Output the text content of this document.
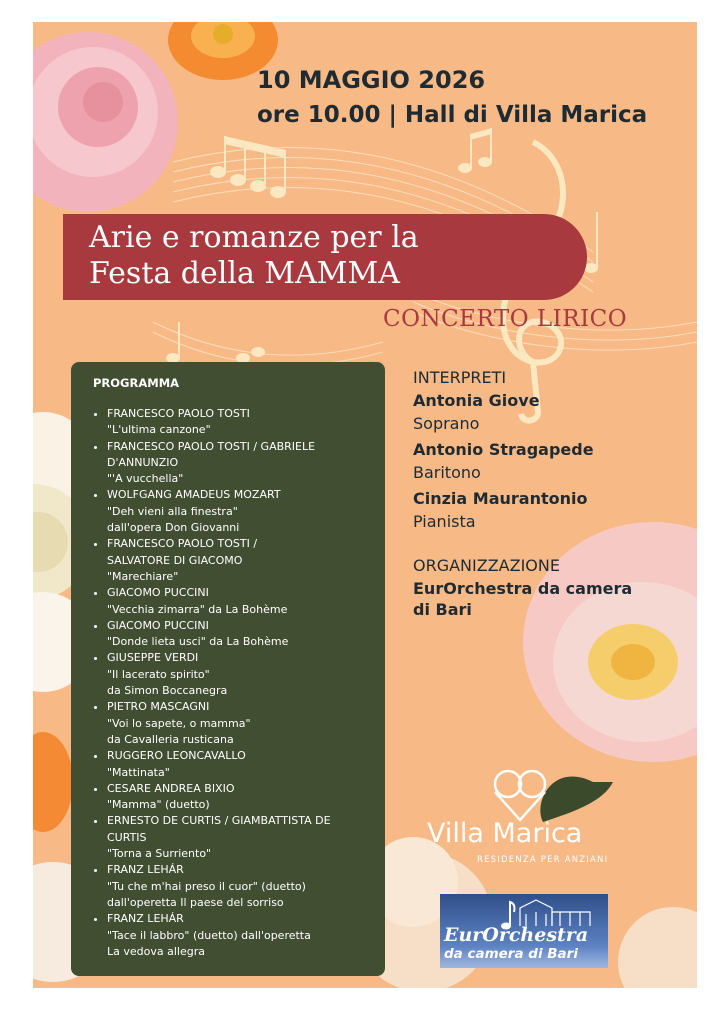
10 MAGGIO 2026
ore 10.00 | Hall di Villa Marica
Arie e romanze per la
Festa della MAMMA
CONCERTO LIRICO
PROGRAMMA
• FRANCESCO PAOLO TOSTI
"L'ultima canzone"
• FRANCESCO PAOLO TOSTI / GABRIELE
D'ANNUNZIO
"'A vucchella"
• WOLFGANG AMADEUS MOZART
"Deh vieni alla finestra"
dall'opera Don Giovanni
• FRANCESCO PAOLO TOSTI /
SALVATORE DI GIACOMO
"Marechiare"
• GIACOMO PUCCINI
"Vecchia zimarra" da La Bohème
• GIACOMO PUCCINI
"Donde lieta usci" da La Bohème
• GIUSEPPE VERDI
"Il lacerato spirito"
da Simon Boccanegra
• PIETRO MASCAGNI
"Voi lo sapete, o mamma"
da Cavalleria rusticana
• RUGGERO LEONCAVALLO
"Mattinata"
• CESARE ANDREA BIXIO
"Mamma" (duetto)
• ERNESTO DE CURTIS / GIAMBATTISTA DE
CURTIS
"Torna a Surriento"
• FRANZ LEHÁR
"Tu che m'hai preso il cuor" (duetto)
dall'operetta Il paese del sorriso
• FRANZ LEHÁR
"Tace il labbro" (duetto) dall'operetta
La vedova allegra
INTERPRETI
Antonia Giove
Soprano
Antonio Stragapede
Baritono
Cinzia Maurantonio
Pianista
ORGANIZZAZIONE
EurOrchestra da camera
di Bari
Villa Marica
RESIDENZA PER ANZIANI
EurOrchestra
da camera di Bari
